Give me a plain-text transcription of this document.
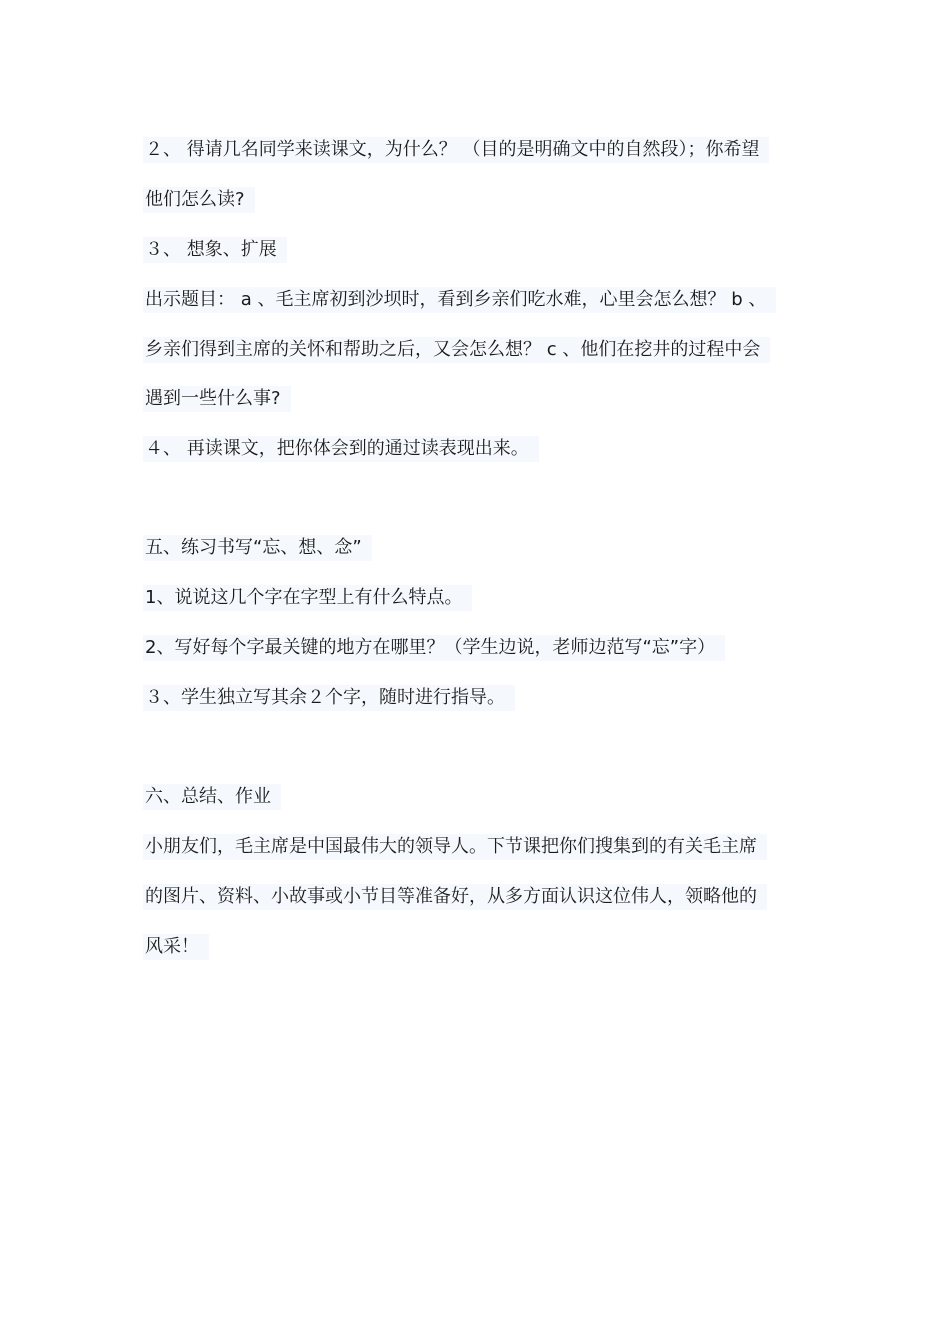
２、 得请几名同学来读课文，为什么？ （目的是明确文中的自然段）；你希望
他们怎么读?
３、 想象、扩展
出示题目： a 、毛主席初到沙坝时，看到乡亲们吃水难，心里会怎么想？ b 、
乡亲们得到主席的关怀和帮助之后，又会怎么想？ c 、他们在挖井的过程中会
遇到一些什么事?
４、 再读课文，把你体会到的通过读表现出来。
五、练习书写“忘、想、念”
1、说说这几个字在字型上有什么特点。
2、写好每个字最关键的地方在哪里？（学生边说，老师边范写“忘”字）
３、学生独立写其余２个字，随时进行指导。
六、总结、作业
小朋友们，毛主席是中国最伟大的领导人。下节课把你们搜集到的有关毛主席
的图片、资料、小故事或小节目等准备好，从多方面认识这位伟人，领略他的
风采！
